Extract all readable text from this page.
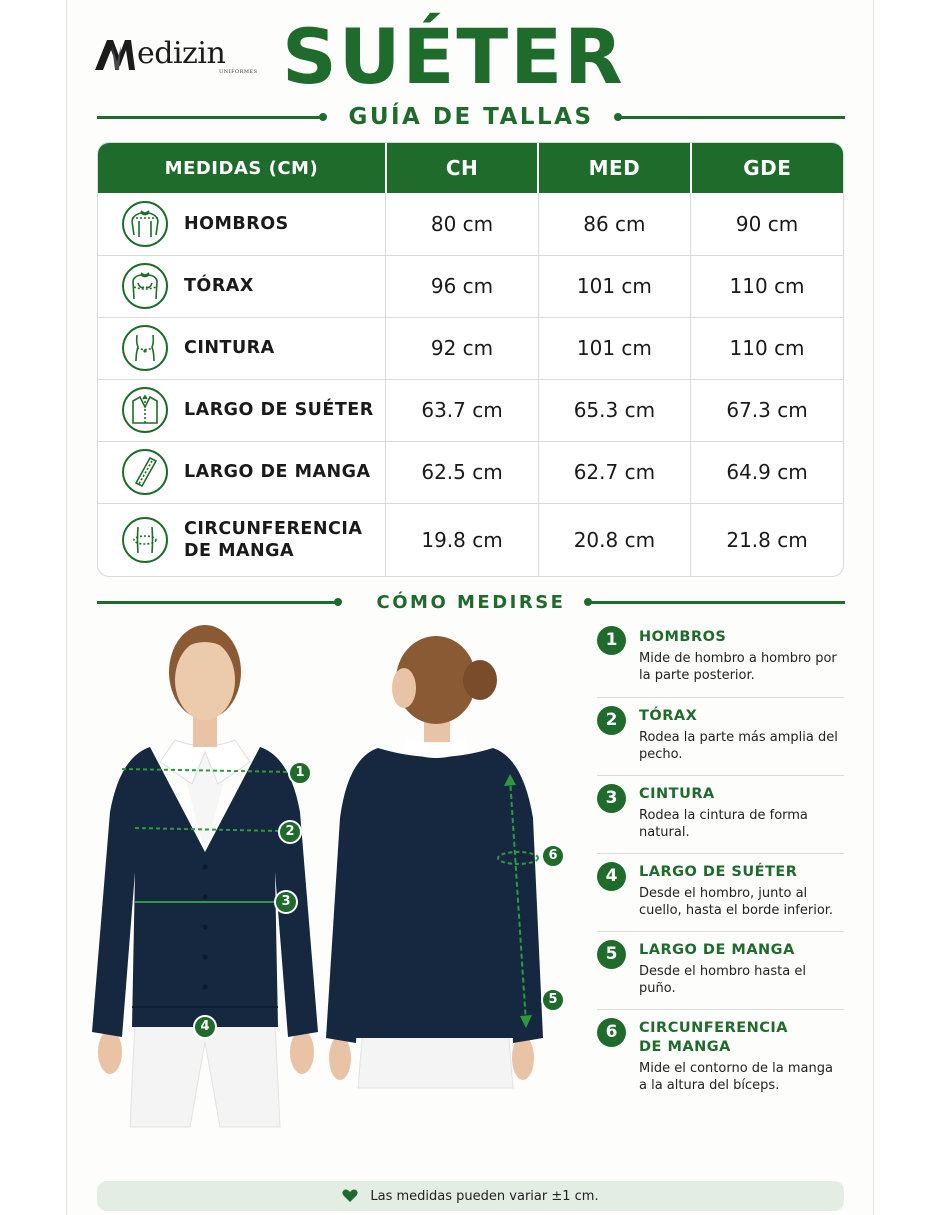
edizin
UNIFORMES SUÉTER
GUÍA DE TALLAS
MEDIDAS (CM)	CH	MED	GDE

HOMBROS	80 cm	86 cm	90 cm

TÓRAX	96 cm	101 cm	110 cm

CINTURA	92 cm	101 cm	110 cm

LARGO DE SUÉTER	63.7 cm	65.3 cm	67.3 cm

LARGO DE MANGA	62.5 cm	62.7 cm	64.9 cm

CIRCUNFERENCIA
DE MANGA	19.8 cm	20.8 cm	21.8 cm
CÓMO MEDIRSE
1
2
3
4
5
6
1	HOMBROS
Mide de hombro a hombro por la parte posterior.
2	TÓRAX
Rodea la parte más amplia del pecho.
3	CINTURA
Rodea la cintura de forma natural.
4	LARGO DE SUÉTER
Desde el hombro, junto al cuello, hasta el borde inferior.
5	LARGO DE MANGA
Desde el hombro hasta el puño.
6	CIRCUNFERENCIA
DE MANGA
Mide el contorno de la manga a la altura del bíceps.
Las medidas pueden variar ±1 cm.
